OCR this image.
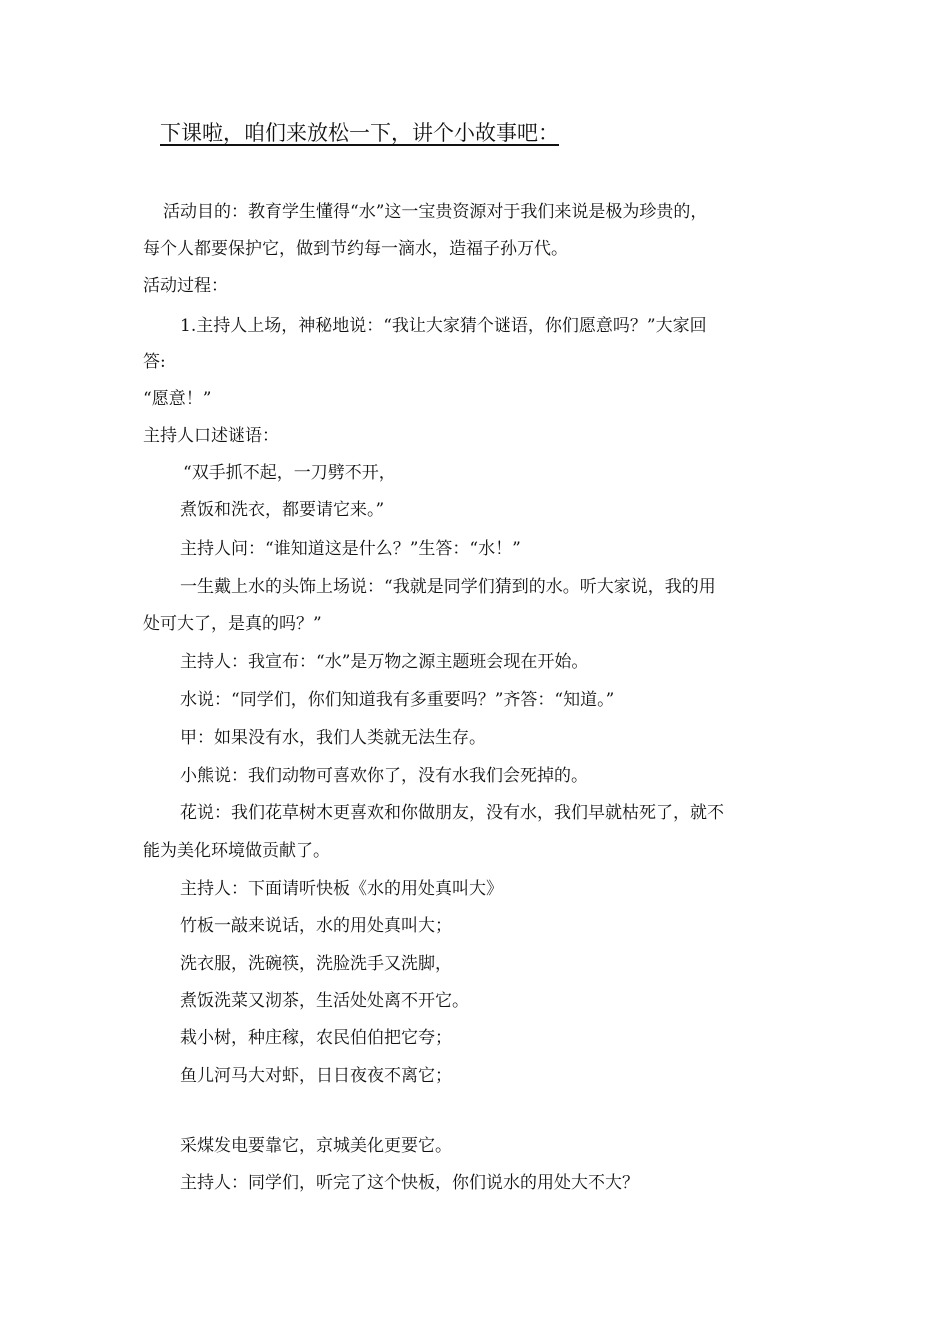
下课啦，咱们来放松一下，讲个小故事吧：
活动目的：教育学生懂得“水”这一宝贵资源对于我们来说是极为珍贵的，
每个人都要保护它，做到节约每一滴水，造福子孙万代。
活动过程：
1.主持人上场，神秘地说：“我让大家猜个谜语，你们愿意吗？”大家回
答:
“愿意！”
主持人口述谜语：
“双手抓不起，一刀劈不开，
煮饭和洗衣，都要请它来。”
主持人问：“谁知道这是什么？”生答：“水！”
一生戴上水的头饰上场说：“我就是同学们猜到的水。听大家说，我的用
处可大了，是真的吗？”
主持人：我宣布：“水”是万物之源主题班会现在开始。
水说：“同学们，你们知道我有多重要吗？”齐答：“知道。”
甲：如果没有水，我们人类就无法生存。
小熊说：我们动物可喜欢你了，没有水我们会死掉的。
花说：我们花草树木更喜欢和你做朋友，没有水，我们早就枯死了，就不
能为美化环境做贡献了。
主持人：下面请听快板《水的用处真叫大》
竹板一敲来说话，水的用处真叫大；
洗衣服，洗碗筷，洗脸洗手又洗脚，
煮饭洗菜又沏茶，生活处处离不开它。
栽小树，种庄稼，农民伯伯把它夸；
鱼儿河马大对虾，日日夜夜不离它；
采煤发电要靠它，京城美化更要它。
主持人：同学们，听完了这个快板，你们说水的用处大不大？
